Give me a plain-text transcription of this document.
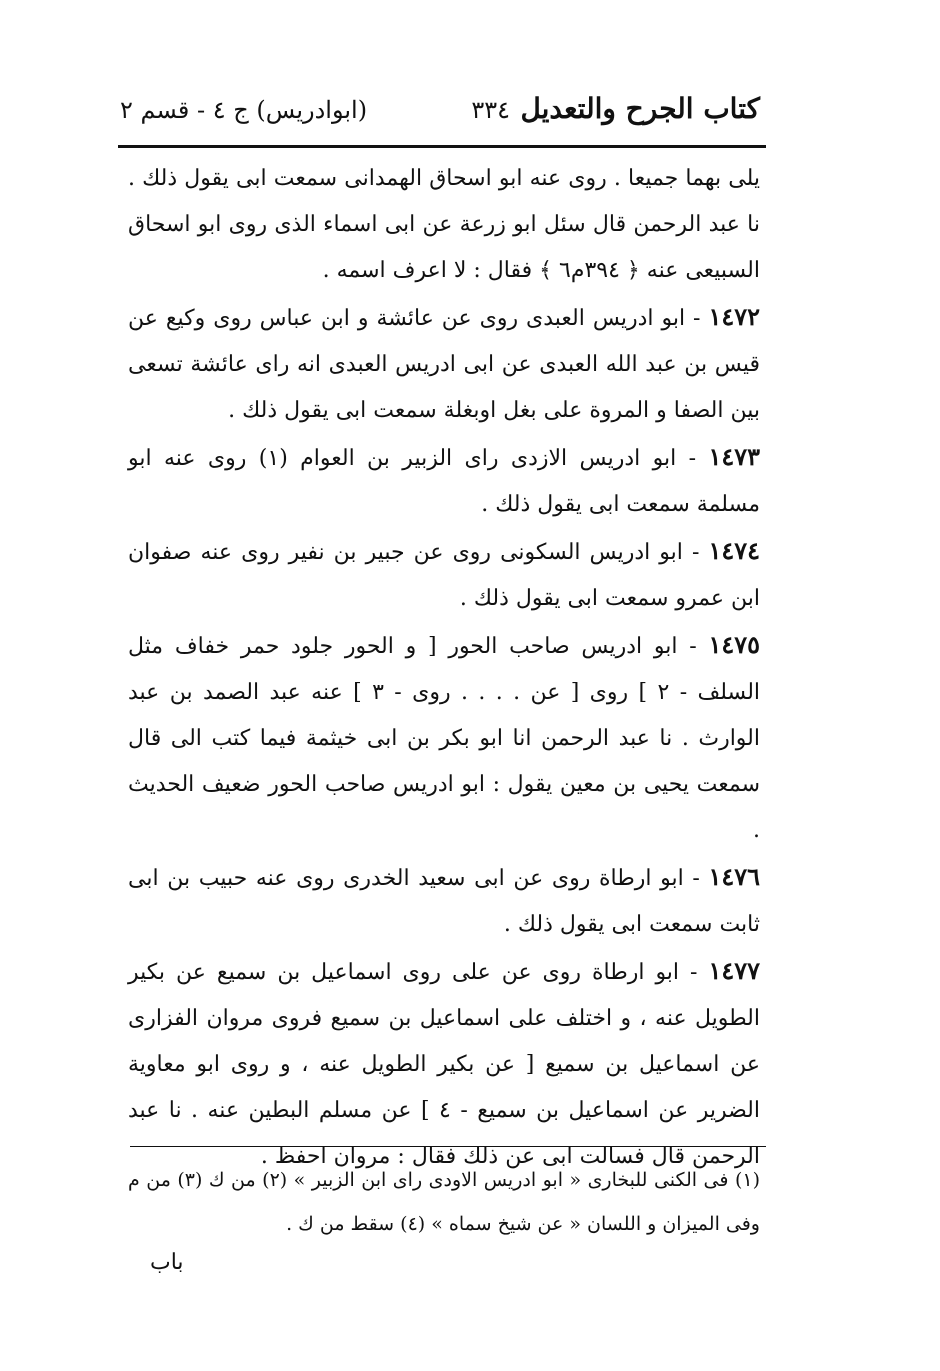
كتاب الجرح والتعديل
٣٣٤
(ابوادريس) ج ٤ - قسم ٢

يلى بهما جميعا . روى عنه ابو اسحاق الهمدانى سمعت ابى يقول ذلك . نا عبد الرحمن قال سئل ابو زرعة عن ابى اسماء الذى روى ابو اسحاق السبيعى عنه ﴿ ٣٩٤م٦ ﴾ فقال : لا اعرف اسمه .

١٤٧٢ - ابو ادريس العبدى روى عن عائشة و ابن عباس روى وكيع عن قيس بن عبد الله العبدى عن ابى ادريس العبدى انه راى عائشة تسعى بين الصفا و المروة على بغل اوبغلة سمعت ابى يقول ذلك .

١٤٧٣ - ابو ادريس الازدى راى الزبير بن العوام (١) روى عنه ابو مسلمة سمعت ابى يقول ذلك .

١٤٧٤ - ابو ادريس السكونى روى عن جبير بن نفير روى عنه صفوان ابن عمرو سمعت ابى يقول ذلك .

١٤٧٥ - ابو ادريس صاحب الحور [ و الحور جلود حمر خفاف مثل السلف - ٢ ] روى [ عن . . . . روى - ٣ ] عنه عبد الصمد بن عبد الوارث . نا عبد الرحمن انا ابو بكر بن ابى خيثمة فيما كتب الى قال سمعت يحيى بن معين يقول : ابو ادريس صاحب الحور ضعيف الحديث .

١٤٧٦ - ابو ارطاة روى عن ابى سعيد الخدرى روى عنه حبيب بن ابى ثابت سمعت ابى يقول ذلك .

١٤٧٧ - ابو ارطاة روى عن على روى اسماعيل بن سميع عن بكير الطويل عنه ، و اختلف على اسماعيل بن سميع فروى مروان الفزارى عن اسماعيل بن سميع [ عن بكير الطويل عنه ، و روى ابو معاوية الضرير عن اسماعيل بن سميع - ٤ ] عن مسلم البطين عنه . نا عبد الرحمن قال فسالت ابى عن ذلك فقال : مروان احفظ .

(١) فى الكنى للبخارى « ابو ادريس الاودى راى ابن الزبير » (٢) من ك (٣) من م وفى الميزان و اللسان « عن شيخ سماه » (٤) سقط من ك .
باب
